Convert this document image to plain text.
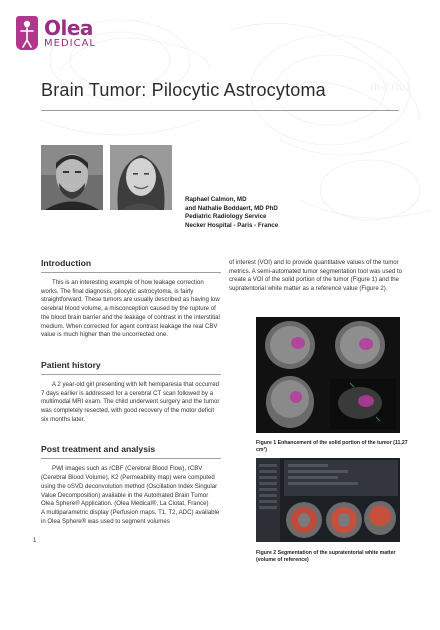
(h₁) (h₂)
Olea
MEDICAL
Brain Tumor: Pilocytic Astrocytoma
Raphael Calmon, MD
and Nathalie Boddaert, MD PhD
Pediatric Radiology Service
Necker Hospital - Paris - France
Introduction

This is an interesting example of how leakage correction works. The final diagnosis, pilocytic astrocytoma, is fairly straightforward. These tumors are usually described as having low cerebral blood volume, a misconception caused by the rupture of the blood brain barrier and the leakage of contrast in the interstitial medium. When corrected for agent contrast leakage the real CBV value is much higher than the uncorrected one.

Patient history

A 2 year-old girl presenting with left hemiparesia that occurred 7 days earlier is addressed for a cerebral CT scan followed by a multimodal MRI exam. The child underwent surgery and the tumor was completely resected, with good recovery of the motor deficit six months later.

Post treatment and analysis

PWI images such as rCBF (Cerebral Blood Flow), rCBV (Cerebral Blood Volume), K2 (Permeability map) were computed using the oSVD deconvolution method (Oscillation Index Singular Value Decomposition) available in the Automated Brain Tumor Olea Sphere® Application. (Olea Medical®, La Ciotat, France)

A multiparametric display (Perfusion maps, T1, T2, ADC) available in Olea Sphere® was used to segment volumes

of interest (VOI) and to provide quantitative values of the tumor metrics. A semi-automated tumor segmentation tool was used to create a VOI of the solid portion of the tumor (Figure 1) and the supratentorial white matter as a reference value (Figure 2).

Figure 1 Enhancement of the solid portion of the tumor (11,27 cm³)
Figure 2 Segmentation of the supratentorial white matter (volume of reference)
1
